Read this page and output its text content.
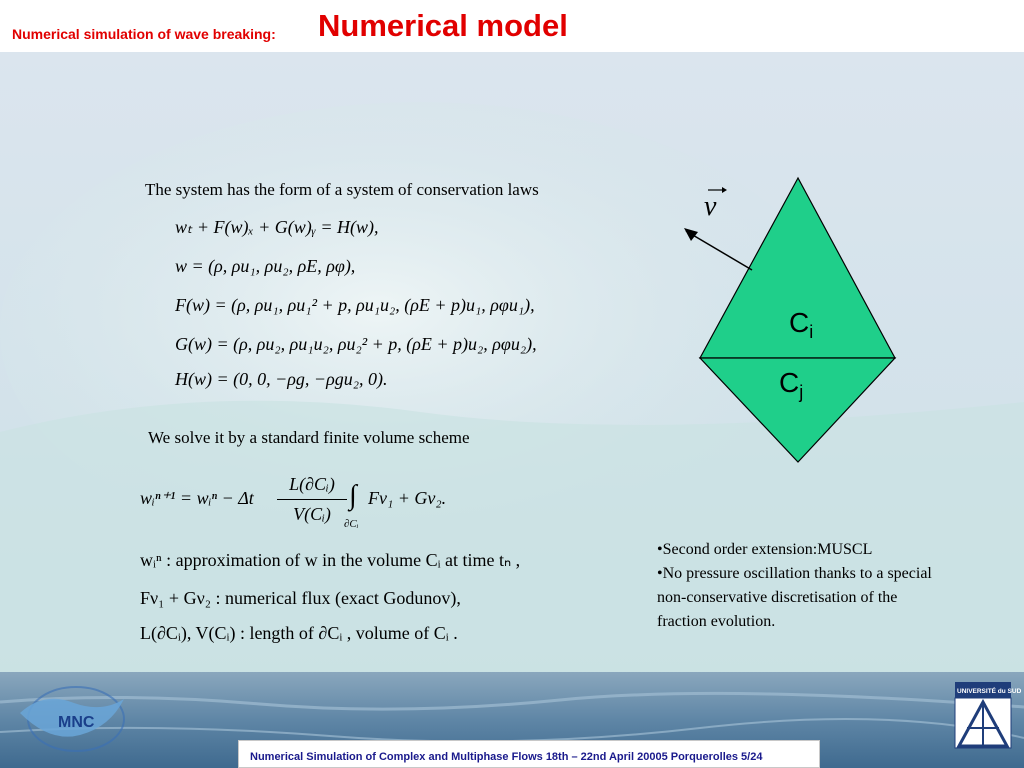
Numerical simulation of wave breaking: Numerical model
The system has the form of a system of conservation laws
wₜ + F(w)ₓ + G(w)ᵧ = H(w),
w = (ρ, ρu₁, ρu₂, ρE, ρφ),
F(w) = (ρ, ρu₁, ρu₁² + p, ρu₁u₂, (ρE + p)u₁, ρφu₁),
G(w) = (ρ, ρu₂, ρu₁u₂, ρu₂² + p, (ρE + p)u₂, ρφu₂),
H(w) = (0, 0, −ρg, −ρgu₂, 0).
We solve it by a standard finite volume scheme
wᵢⁿ⁺¹ = wᵢⁿ − Δt
L(∂Cᵢ)
V(Cᵢ)
∫
∂Cᵢ
Fν₁ + Gν₂.
wᵢⁿ : approximation of w in the volume Cᵢ at time tₙ ,
Fν₁ + Gν₂ : numerical flux (exact Godunov),
L(∂Cᵢ), V(Cᵢ) : length of ∂Cᵢ , volume of Cᵢ .
•Second order extension:MUSCL
•No pressure oscillation thanks to a special non-conservative discretisation of the fraction evolution.
$C_i$
$C_j$
ν
MNC
UNIVERSITÉ du SUD
Numerical Simulation of Complex and Multiphase Flows 18th – 22nd April 20005 Porquerolles 5/24
